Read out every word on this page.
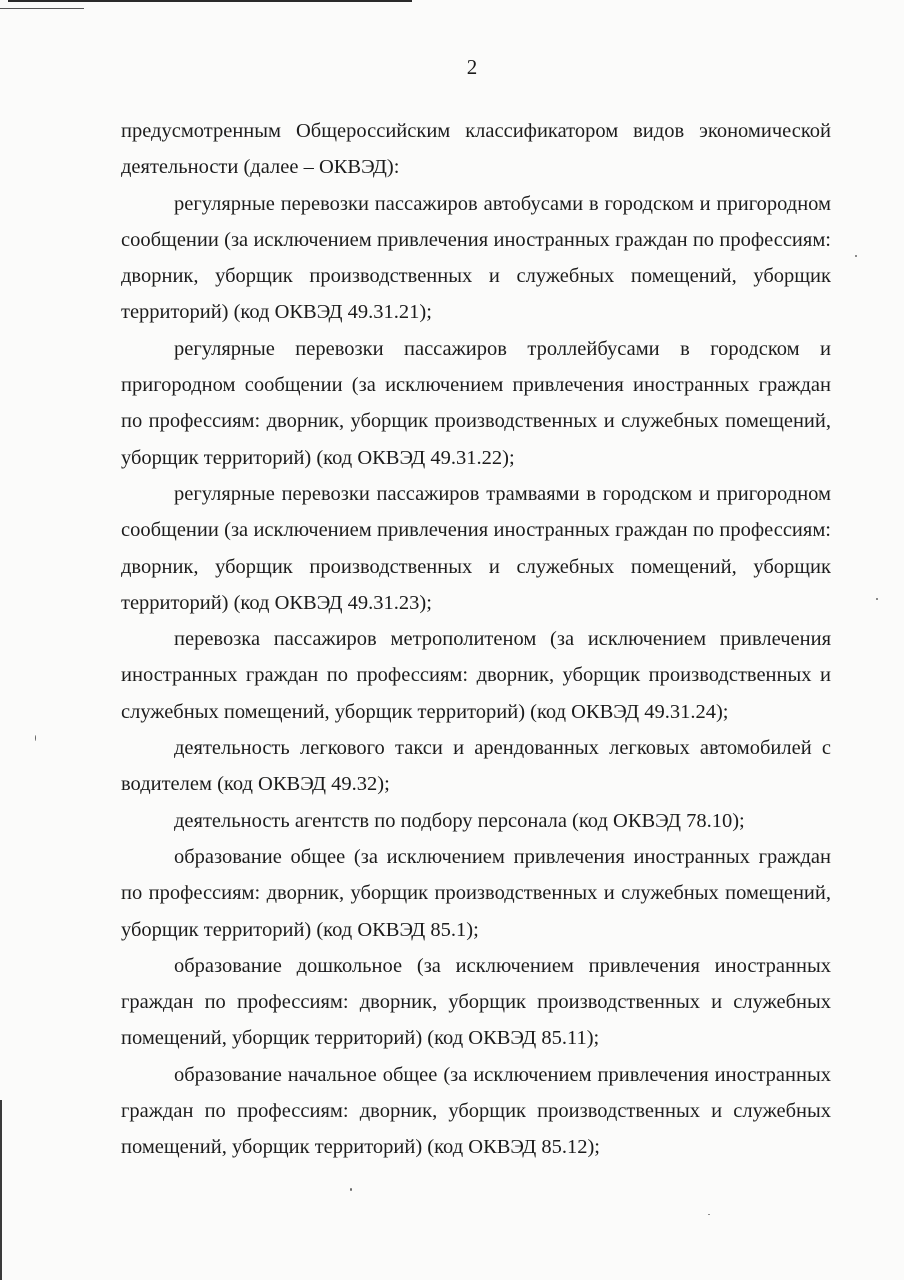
2

предусмотренным Общероссийским классификатором видов экономической деятельности (далее – ОКВЭД):

регулярные перевозки пассажиров автобусами в городском и пригородном сообщении (за исключением привлечения иностранных граждан по профессиям: дворник, уборщик производственных и служебных помещений, уборщик территорий) (код ОКВЭД 49.31.21);

регулярные перевозки пассажиров троллейбусами в городском и пригородном сообщении (за исключением привлечения иностранных граждан по профессиям: дворник, уборщик производственных и служебных помещений, уборщик территорий) (код ОКВЭД 49.31.22);

регулярные перевозки пассажиров трамваями в городском и пригородном сообщении (за исключением привлечения иностранных граждан по профессиям: дворник, уборщик производственных и служебных помещений, уборщик территорий) (код ОКВЭД 49.31.23);

перевозка пассажиров метрополитеном (за исключением привлечения иностранных граждан по профессиям: дворник, уборщик производственных и служебных помещений, уборщик территорий) (код ОКВЭД 49.31.24);

деятельность легкового такси и арендованных легковых автомобилей с водителем (код ОКВЭД 49.32);

деятельность агентств по подбору персонала (код ОКВЭД 78.10);

образование общее (за исключением привлечения иностранных граждан по профессиям: дворник, уборщик производственных и служебных помещений, уборщик территорий) (код ОКВЭД 85.1);

образование дошкольное (за исключением привлечения иностранных граждан по профессиям: дворник, уборщик производственных и служебных помещений, уборщик территорий) (код ОКВЭД 85.11);

образование начальное общее (за исключением привлечения иностранных граждан по профессиям: дворник, уборщик производственных и служебных помещений, уборщик территорий) (код ОКВЭД 85.12);
